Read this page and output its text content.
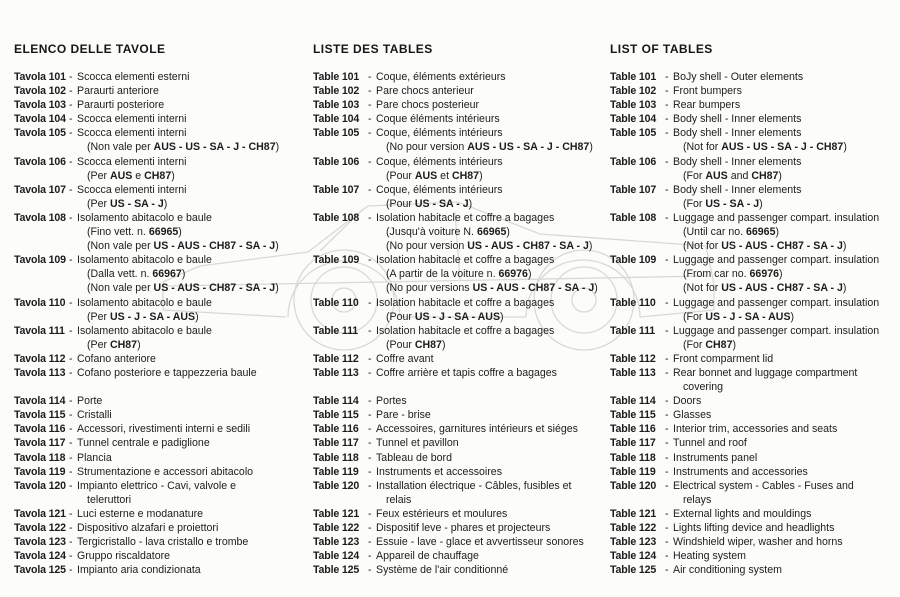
ELENCO DELLE TAVOLE
Tavola 101 - Scocca elementi esterni
Tavola 102 - Paraurti anteriore
Tavola 103 - Paraurti posteriore
Tavola 104 - Scocca elementi interni
Tavola 105 - Scocca elementi interni
(Non vale per AUS - US - SA - J - CH87)
Tavola 106 - Scocca elementi interni
(Per AUS e CH87)
Tavola 107 - Scocca elementi interni
(Per US - SA - J)
Tavola 108 - Isolamento abitacolo e baule
(Fino vett. n. 66965)
(Non vale per US - AUS - CH87 - SA - J)
Tavola 109 - Isolamento abitacolo e baule
(Dalla vett. n. 66967)
(Non vale per US - AUS - CH87 - SA - J)
Tavola 110 - Isolamento abitacolo e baule
(Per US - J - SA - AUS)
Tavola 111 - Isolamento abitacolo e baule
(Per CH87)
Tavola 112 - Cofano anteriore
Tavola 113 - Cofano posteriore e tappezzeria baule
Tavola 114 - Porte
Tavola 115 - Cristalli
Tavola 116 - Accessori, rivestimenti interni e sedili
Tavola 117 - Tunnel centrale e padiglione
Tavola 118 - Plancia
Tavola 119 - Strumentazione e accessori abitacolo
Tavola 120 - Impianto elettrico - Cavi, valvole e
teleruttori
Tavola 121 - Luci esterne e modanature
Tavola 122 - Dispositivo alzafari e proiettori
Tavola 123 - Tergicristallo - lava cristallo e trombe
Tavola 124 - Gruppo riscaldatore
Tavola 125 - Impianto aria condizionata
LISTE DES TABLES
Table 101 - Coque, éléments extérieurs
Table 102 - Pare chocs anterieur
Table 103 - Pare chocs posterieur
Table 104 - Coque éléments intérieurs
Table 105 - Coque, éléments intérieurs
(No pour version AUS - US - SA - J - CH87)
Table 106 - Coque, éléments intérieurs
(Pour AUS et CH87)
Table 107 - Coque, éléments intérieurs
(Pour US - SA - J)
Table 108 - Isolation habitacle et coffre a bagages
(Jusqu'à voiture N. 66965)
(No pour version US - AUS - CH87 - SA - J)
Table 109 - Isolation habitacle et coffre a bagages
(A partir de la voiture n. 66976)
(No pour versions US - AUS - CH87 - SA - J)
Table 110 - Isolation habitacle et coffre a bagages
(Pour US - J - SA - AUS)
Table 111 - Isolation habitacle et coffre a bagages
(Pour CH87)
Table 112 - Coffre avant
Table 113 - Coffre arrière et tapis coffre a bagages
Table 114 - Portes
Table 115 - Pare - brise
Table 116 - Accessoires, garnitures intérieurs et siéges
Table 117 - Tunnel et pavillon
Table 118 - Tableau de bord
Table 119 - Instruments et accessoires
Table 120 - Installation électrique - Câbles, fusibles et
relais
Table 121 - Feux estérieurs et moulures
Table 122 - Dispositif leve - phares et projecteurs
Table 123 - Essuie - lave - glace et avvertisseur sonores
Table 124 - Appareil de chauffage
Table 125 - Système de l'air conditionné
LIST OF TABLES
Table 101 - BoJy shell - Outer elements
Table 102 - Front bumpers
Table 103 - Rear bumpers
Table 104 - Body shell - Inner elements
Table 105 - Body shell - Inner elements
(Not for AUS - US - SA - J - CH87)
Table 106 - Body shell - Inner elements
(For AUS and CH87)
Table 107 - Body shell - Inner elements
(For US - SA - J)
Table 108 - Luggage and passenger compart. insulation
(Until car no. 66965)
(Not for US - AUS - CH87 - SA - J)
Table 109 - Luggage and passenger compart. insulation
(From car no. 66976)
(Not for US - AUS - CH87 - SA - J)
Table 110 - Luggage and passenger compart. insulation
(For US - J - SA - AUS)
Table 111 - Luggage and passenger compart. insulation
(For CH87)
Table 112 - Front comparment lid
Table 113 - Rear bonnet and luggage compartment
covering
Table 114 - Doors
Table 115 - Glasses
Table 116 - Interior trim, accessories and seats
Table 117 - Tunnel and roof
Table 118 - Instruments panel
Table 119 - Instruments and accessories
Table 120 - Electrical system - Cables - Fuses and
relays
Table 121 - External lights and mouldings
Table 122 - Lights lifting device and headlights
Table 123 - Windshield wiper, washer and horns
Table 124 - Heating system
Table 125 - Air conditioning system
